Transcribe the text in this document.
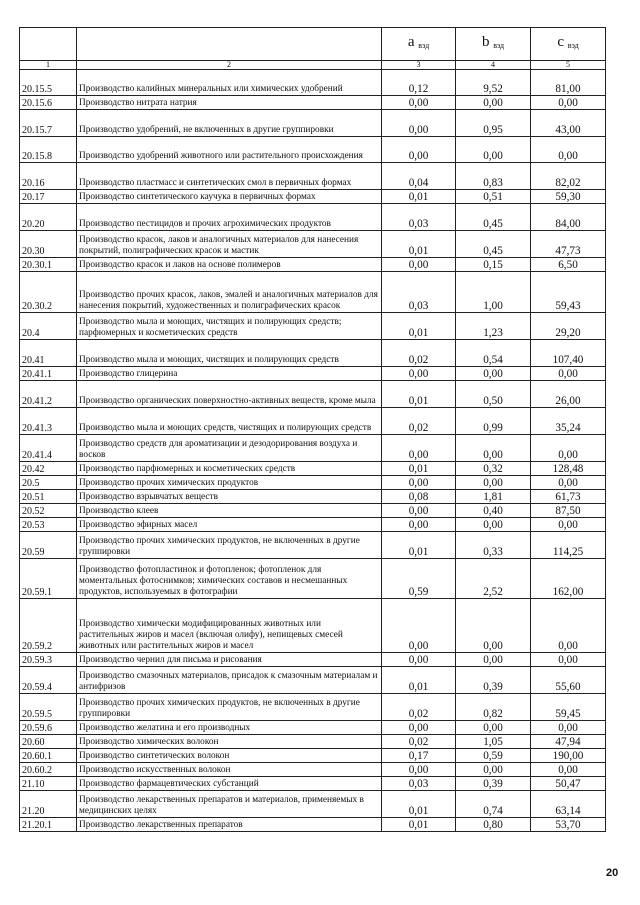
		a $_{вэд}$	b $_{вэд}$	c $_{вэд}$
1	2	3	4	5
20.15.5	Производство калийных минеральных или химических удобрений	0,12	9,52	81,00
20.15.6	Производство нитрата натрия	0,00	0,00	0,00
20.15.7	Производство удобрений, не включенных в другие группировки	0,00	0,95	43,00
20.15.8	Производство удобрений животного или растительного происхождения	0,00	0,00	0,00
20.16	Производство пластмасс и синтетических смол в первичных формах	0,04	0,83	82,02
20.17	Производство синтетического каучука в первичных формах	0,01	0,51	59,30
20.20	Производство пестицидов и прочих агрохимических продуктов	0,03	0,45	84,00
20.30	Производство красок, лаков и аналогичных материалов для нанесения покрытий, полиграфических красок и мастик	0,01	0,45	47,73
20.30.1	Производство красок и лаков на основе полимеров	0,00	0,15	6,50
20.30.2	Производство прочих красок, лаков, эмалей и аналогичных материалов для нанесения покрытий, художественных и полиграфических красок	0,03	1,00	59,43
20.4	Производство мыла и моющих, чистящих и полирующих средств; парфюмерных и косметических средств	0,01	1,23	29,20
20.41	Производство мыла и моющих, чистящих и полирующих средств	0,02	0,54	107,40
20.41.1	Производство глицерина	0,00	0,00	0,00
20.41.2	Производство органических поверхностно-активных веществ, кроме мыла	0,01	0,50	26,00
20.41.3	Производство мыла и моющих средств, чистящих и полирующих средств	0,02	0,99	35,24
20.41.4	Производство средств для ароматизации и дезодорирования воздуха и восков	0,00	0,00	0,00
20.42	Производство парфюмерных и косметических средств	0,01	0,32	128,48
20.5	Производство прочих химических продуктов	0,00	0,00	0,00
20.51	Производство взрывчатых веществ	0,08	1,81	61,73
20.52	Производство клеев	0,00	0,40	87,50
20.53	Производство эфирных масел	0,00	0,00	0,00
20.59	Производство прочих химических продуктов, не включенных в другие группировки	0,01	0,33	114,25
20.59.1	Производство фотопластинок и фотопленок; фотопленок для моментальных фотоснимков; химических составов и несмешанных продуктов, используемых в фотографии	0,59	2,52	162,00
20.59.2	Производство химически модифицированных животных или растительных жиров и масел (включая олифу), непищевых смесей животных или растительных жиров и масел	0,00	0,00	0,00
20.59.3	Производство чернил для письма и рисования	0,00	0,00	0,00
20.59.4	Производство смазочных материалов, присадок к смазочным материалам и антифризов	0,01	0,39	55,60
20.59.5	Производство прочих химических продуктов, не включенных в другие группировки	0,02	0,82	59,45
20.59.6	Производство желатина и его производных	0,00	0,00	0,00
20.60	Производство химических волокон	0,02	1,05	47,94
20.60.1	Производство синтетических волокон	0,17	0,59	190,00
20.60.2	Производство искусственных волокон	0,00	0,00	0,00
21.10	Производство фармацевтических субстанций	0,03	0,39	50,47
21.20	Производство лекарственных препаратов и материалов, применяемых в медицинских целях	0,01	0,74	63,14
21.20.1	Производство лекарственных препаратов	0,01	0,80	53,70
20
